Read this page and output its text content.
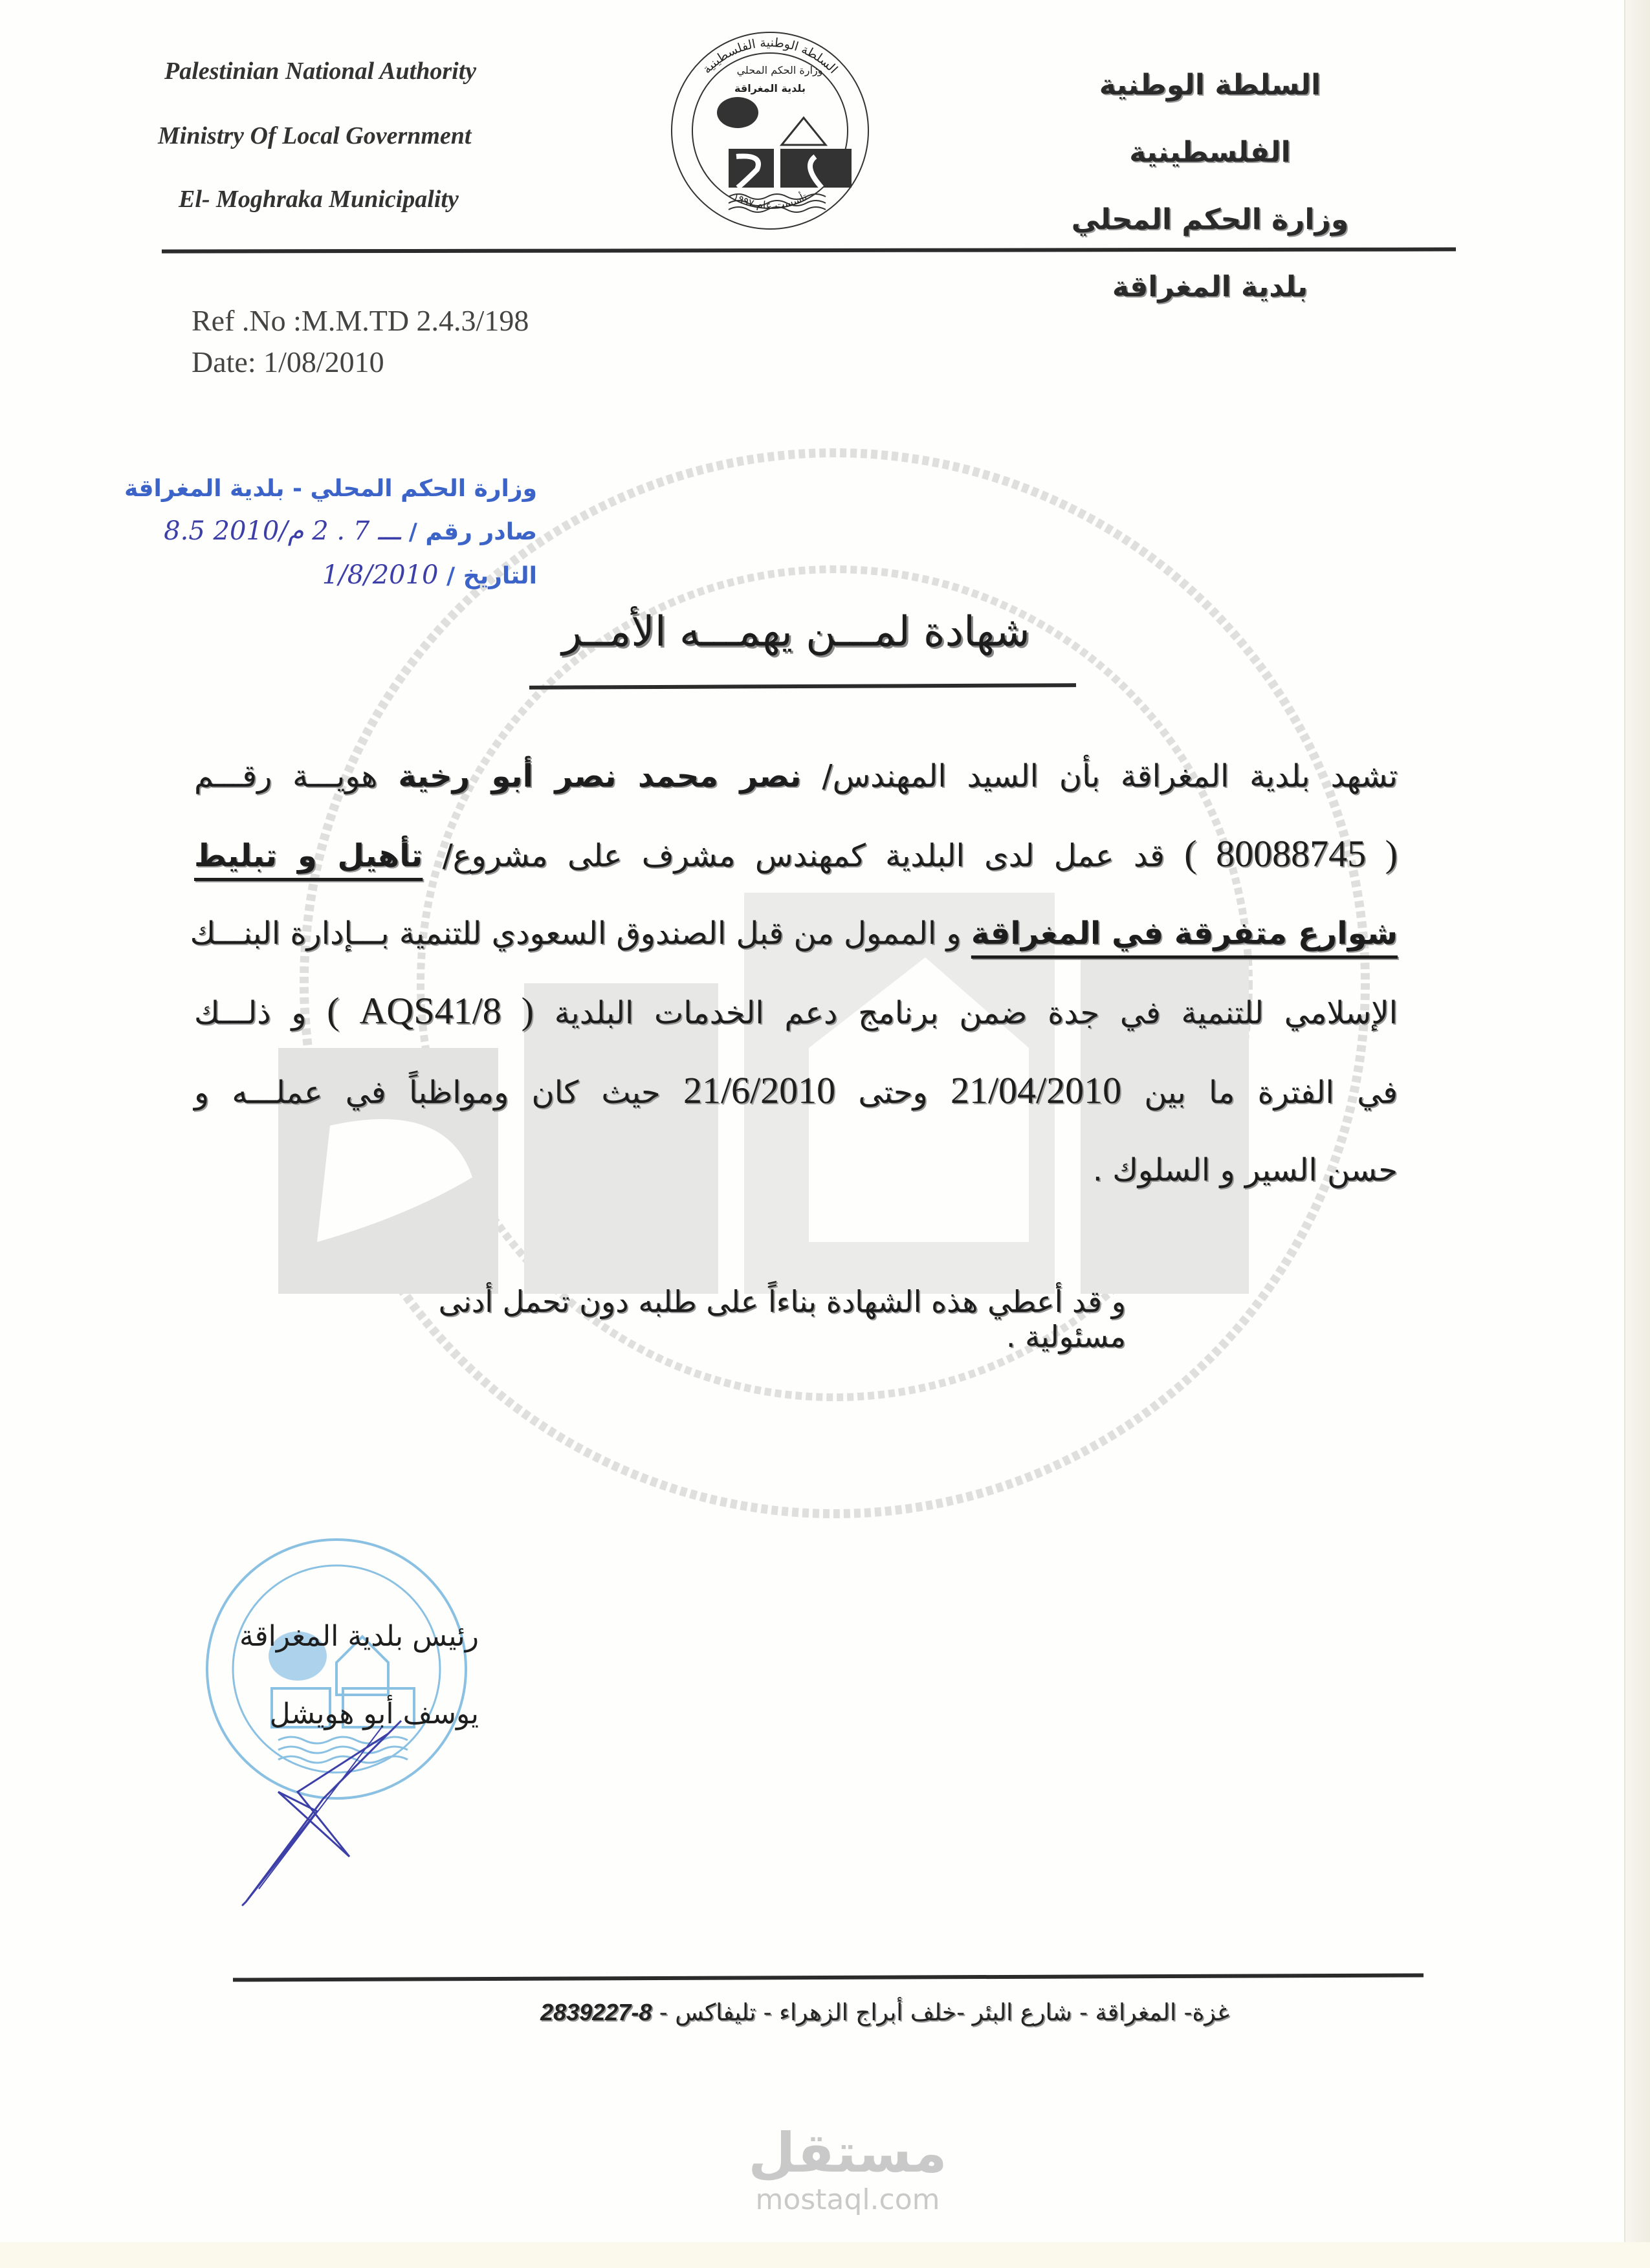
Palestinian National Authority
Ministry Of Local Government
El- Moghraka Municipality
السلطة الوطنية الفلسطينية
وزارة الحكم المحلي
بلدية المغراقة
تأسست عام ١٩٩٧
السلطة الوطنية الفلسطينية
وزارة الحكم المحلي
بلدية المغراقة
Ref .No :M.M.TD 2.4.3/198
Date: 1/08/2010
وزارة الحكم المحلي - بلدية المغراقة
صادر رقم / 8.5 ـــ 7 . 2 م/2010
التاريخ / 1/8/2010
شهادة لمـــن يهمـــه الأمــر
تشهد بلدية المغراقة بأن السيد المهندس/ نصر محمد نصر أبو رخية هويـــة رقـــم
( 80088745 ) قد عمل لدى البلدية كمهندس مشرف على مشروع/ تأهيل و تبليط
شوارع متفرقة في المغراقة و الممول من قبل الصندوق السعودي للتنمية بـــإدارة البنـــك
الإسلامي للتنمية في جدة ضمن برنامج دعم الخدمات البلدية ( AQS41/8 ) و ذلـــك
في الفترة ما بين 21/04/2010 وحتى 21/6/2010 حيث كان ومواظباً في عملـــه و
حسن السير و السلوك .
و قد أعطي هذه الشهادة بناءاً على طلبه دون تحمل أدنى مسئولية .
رئيس بلدية المغراقة
يوسف أبو هويشل
غزة- المغراقة - شارع البئر -خلف أبراج الزهراء - تليفاكس - 8-2839227
مستقل
mostaql.com
